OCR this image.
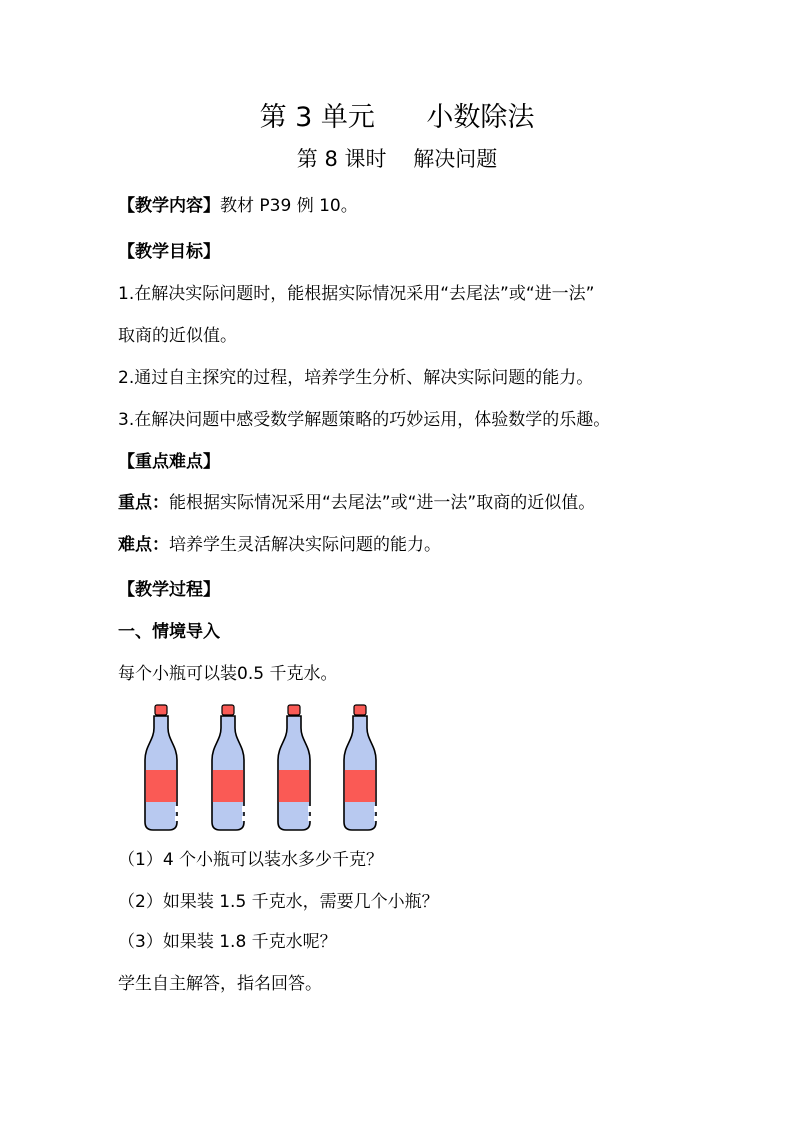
第 3 单元      小数除法
第 8 课时    解决问题
【教学内容】教材 P39 例 10。
【教学目标】
1.在解决实际问题时，能根据实际情况采用“去尾法”或“进一法”
取商的近似值。
2.通过自主探究的过程，培养学生分析、解决实际问题的能力。
3.在解决问题中感受数学解题策略的巧妙运用，体验数学的乐趣。
【重点难点】
重点：能根据实际情况采用“去尾法”或“进一法”取商的近似值。
难点：培养学生灵活解决实际问题的能力。
【教学过程】
一、情境导入
每个小瓶可以装0.5 千克水。
（1）4 个小瓶可以装水多少千克？
（2）如果装 1.5 千克水，需要几个小瓶？
（3）如果装 1.8 千克水呢？
学生自主解答，指名回答。
